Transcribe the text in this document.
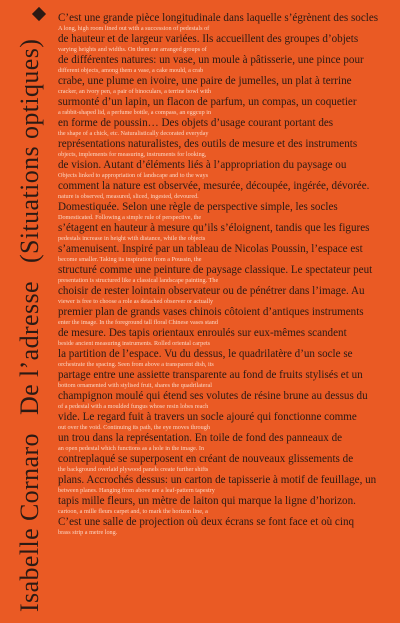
Isabelle CornaroDe l’adresse(Situations optiques)
C’est une grande pièce longitudinale dans laquelle s’égrènent des socles
A long, high room lined out with a succession of pedestals of
de hauteur et de largeur variées. Ils accueillent des groupes d’objets
varying heights and widths. On them are arranged groups of
de différentes natures: un vase, un moule à pâtisserie, une pince pour
different objects, among them a vase, a cake mould, a crab
crabe, une plume en ivoire, une paire de jumelles, un plat à terrine
cracker, an ivory pen, a pair of binoculars, a terrine bowl with
surmonté d’un lapin, un flacon de parfum, un compas, un coquetier
a rabbit-shaped lid, a perfume bottle, a compass, an eggcup in
en forme de poussin… Des objets d’usage courant portant des
the shape of a chick, etc. Naturalistically decorated everyday
représentations naturalistes, des outils de mesure et des instruments
objects, implements for measuring, instruments for looking,
de vision. Autant d’éléments liés à l’appropriation du paysage ou
Objects linked to appropriation of landscape and to the ways
comment la nature est observée, mesurée, découpée, ingérée, dévorée.
nature is observed, measured, sliced, ingested, devoured.
Domestiquée. Selon une règle de perspective simple, les socles
Domesticated. Following a simple rule of perspective, the
s’étagent en hauteur à mesure qu’ils s’éloignent, tandis que les figures
pedestals increase in height with distance, while the objects
s’amenuisent. Inspiré par un tableau de Nicolas Poussin, l’espace est
become smaller. Taking its inspiration from a Poussin, the
structuré comme une peinture de paysage classique. Le spectateur peut
presentation is structured like a classical landscape painting. The
choisir de rester lointain observateur ou de pénétrer dans l’image. Au
viewer is free to choose a role as detached observer or actually
premier plan de grands vases chinois côtoient d’antiques instruments
enter the image. In the foreground tall floral Chinese vases stand
de mesure. Des tapis orientaux enroulés sur eux-mêmes scandent
beside ancient measuring instruments. Rolled oriental carpets
la partition de l’espace. Vu du dessus, le quadrilatère d’un socle se
orchestrate the spacing. Seen from above a transparent dish, its
partage entre une assiette transparente au fond de fruits stylisés et un
bottom ornamented with stylised fruit, shares the quadrilateral
champignon moulé qui étend ses volutes de résine brune au dessus du
of a pedestal with a moulded fungus whose resin lobes reach
vide. Le regard fuit à travers un socle ajouré qui fonctionne comme
out over the void. Continuing its path, the eye moves through
un trou dans la représentation. En toile de fond des panneaux de
an open pedestal which functions as a hole in the image. In
contreplaqué se superposent en créant de nouveaux glissements de
the background overlaid plywood panels create further shifts
plans. Accrochés dessus: un carton de tapisserie à motif de feuillage, un
between planes. Hanging from above are a leaf-pattern tapestry
tapis mille fleurs, un mètre de laiton qui marque la ligne d’horizon.
cartoon, a mille fleurs carpet and, to mark the horizon line, a
C’est une salle de projection où deux écrans se font face et où cinq
brass strip a metre long.
